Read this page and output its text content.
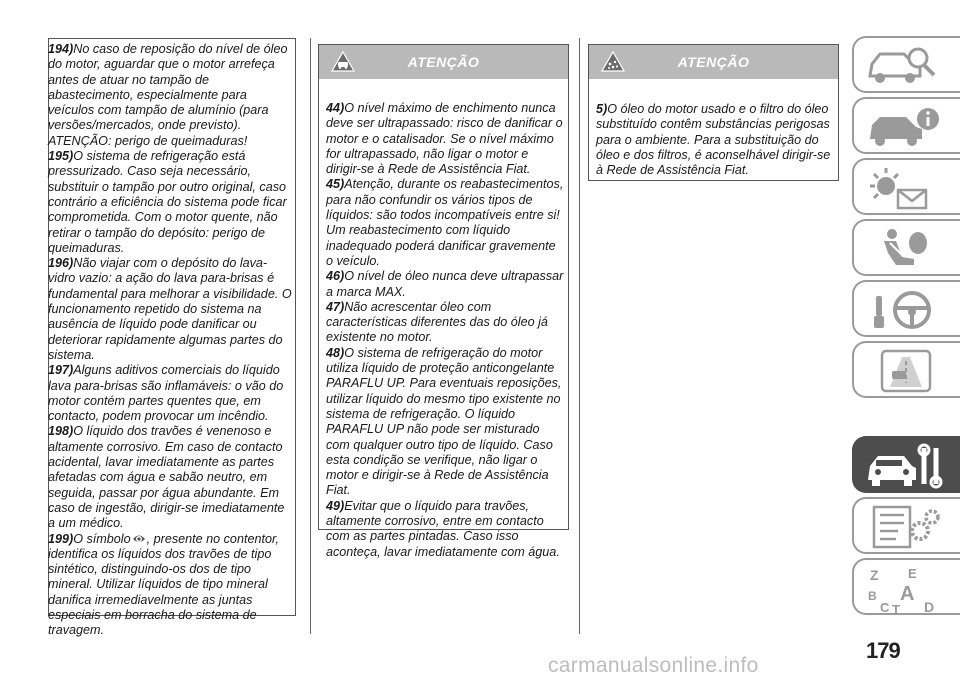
194)No caso de reposição do nível de óleo do motor, aguardar que o motor arrefeça antes de atuar no tampão de abastecimento, especialmente para veículos com tampão de alumínio (para versões/mercados, onde previsto). ATENÇÃO: perigo de queimaduras!

195)O sistema de refrigeração está pressurizado. Caso seja necessário, substituir o tampão por outro original, caso contrário a eficiência do sistema pode ficar comprometida. Com o motor quente, não retirar o tampão do depósito: perigo de queimaduras.

196)Não viajar com o depósito do lava-vidro vazio: a ação do lava para-brisas é fundamental para melhorar a visibilidade. O funcionamento repetido do sistema na ausência de líquido pode danificar ou deteriorar rapidamente algumas partes do sistema.

197)Alguns aditivos comerciais do líquido lava para-brisas são inflamáveis: o vão do motor contém partes quentes que, em contacto, podem provocar um incêndio.

198)O líquido dos travões é venenoso e altamente corrosivo. Em caso de contacto acidental, lavar imediatamente as partes afetadas com água e sabão neutro, em seguida, passar por água abundante. Em caso de ingestão, dirigir-se imediatamente a um médico.

199)O símbolo , presente no contentor, identifica os líquidos dos travões de tipo sintético, distinguindo-os dos de tipo mineral. Utilizar líquidos de tipo mineral danifica irremediavelmente as juntas especiais em borracha do sistema de travagem.

ATENÇÃO

44)O nível máximo de enchimento nunca deve ser ultrapassado: risco de danificar o motor e o catalisador. Se o nível máximo for ultrapassado, não ligar o motor e dirigir-se à Rede de Assistência Fiat.

45)Atenção, durante os reabastecimentos, para não confundir os vários tipos de líquidos: são todos incompatíveis entre si! Um reabastecimento com líquido inadequado poderá danificar gravemente o veículo.

46)O nível de óleo nunca deve ultrapassar a marca MAX.

47)Não acrescentar óleo com características diferentes das do óleo já existente no motor.

48)O sistema de refrigeração do motor utiliza líquido de proteção anticongelante PARAFLU UP. Para eventuais reposições, utilizar líquido do mesmo tipo existente no sistema de refrigeração. O líquido PARAFLU UP não pode ser misturado com qualquer outro tipo de líquido. Caso esta condição se verifique, não ligar o motor e dirigir-se à Rede de Assistência Fiat.

49)Evitar que o líquido para travões, altamente corrosivo, entre em contacto com as partes pintadas. Caso isso aconteça, lavar imediatamente com água.

ATENÇÃO

5)O óleo do motor usado e o filtro do óleo substituído contêm substâncias perigosas para o ambiente. Para a substituição do óleo e dos filtros, é aconselhável dirigir-se à Rede de Assistência Fiat.

Z E
B A
C T D
179
carmanualsonline.info
